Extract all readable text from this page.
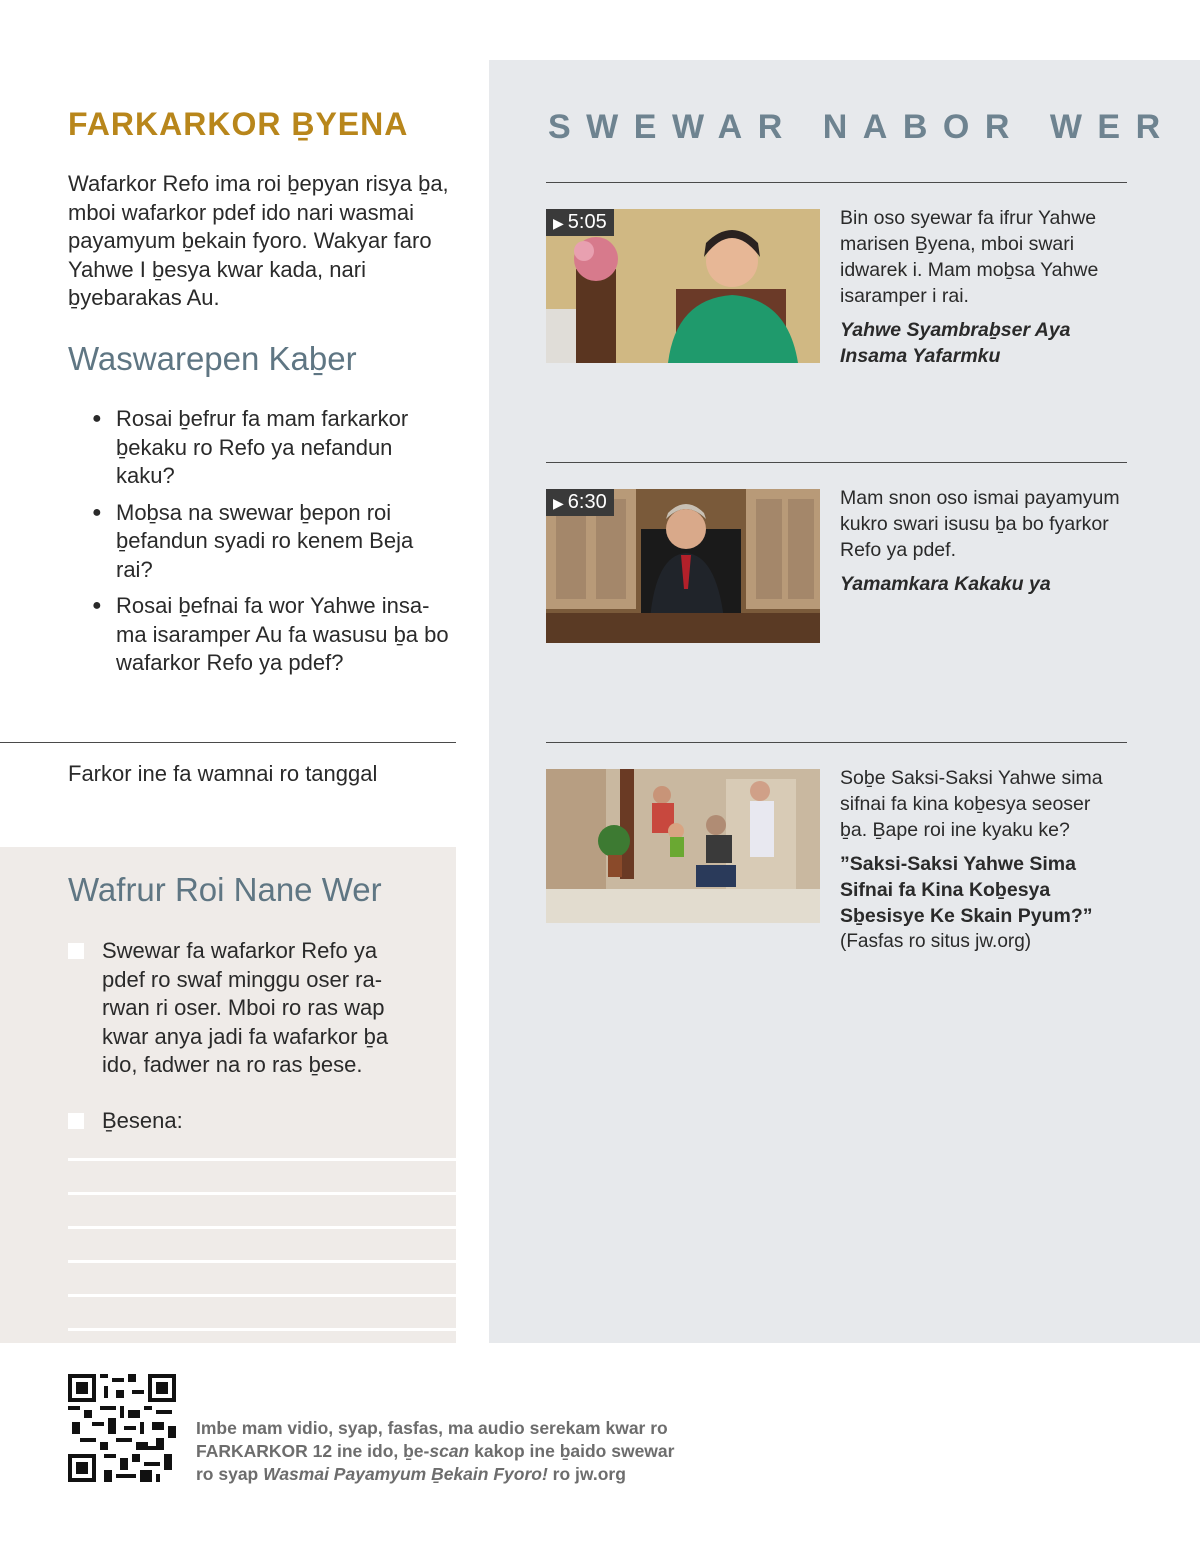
FARKARKOR ḆYENA
Wafarkor Refo ima roi ḇepyan risya ḇa, mboi wafarkor pdef ido nari wasmai payamyum ḇekain fyoro. Wakyar faro Yahwe I ḇesya kwar kada, nari ḇyebarakas Au.
Waswarepen Kaḇer
● Rosai ḇefrur fa mam farkarkor ḇekaku ro Refo ya nefandun kaku?
● Moḇsa na swewar ḇepon roi ḇefandun syadi ro kenem Beja rai?
● Rosai ḇefnai fa wor Yahwe insama isaramper Au fa wasusu ḇa bo wafarkor Refo ya pdef?
Farkor ine fa wamnai ro tanggal
Wafrur Roi Nane Wer
Swewar fa wafarkor Refo ya pdef ro swaf minggu oser rarwan ri oser. Mboi ro ras wap kwar anya jadi fa wafarkor ḇa ido, fadwer na ro ras ḇese.
Ḇesena:
SWEWAR NABOR WER
▶ 5:05	Bin oso syewar fa ifrur Yahwe marisen Ḇyena, mboi swari idwarek i. Mam moḇsa Yahwe isaramper i rai.
Yahwe Syambraḇser Aya Insama Yafarmku
▶ 6:30	Mam snon oso ismai payamyum kukro swari isusu ḇa bo fyarkor Refo ya pdef.
Yamamkara Kakaku ya
Soḇe Saksi-Saksi Yahwe sima sifnai fa kina koḇesya seoser ḇa. Ḇape roi ine kyaku ke?
”Saksi-Saksi Yahwe Sima Sifnai fa Kina Koḇesya Sḇesisye Ke Skain Pyum?”
(Fasfas ro situs jw.org)
Imbe mam vidio, syap, fasfas, ma audio serekam kwar ro FARKARKOR 12 ine ido, ḇe-scan kakop ine ḇaido swewar ro syap Wasmai Payamyum Ḇekain Fyoro! ro jw.org
